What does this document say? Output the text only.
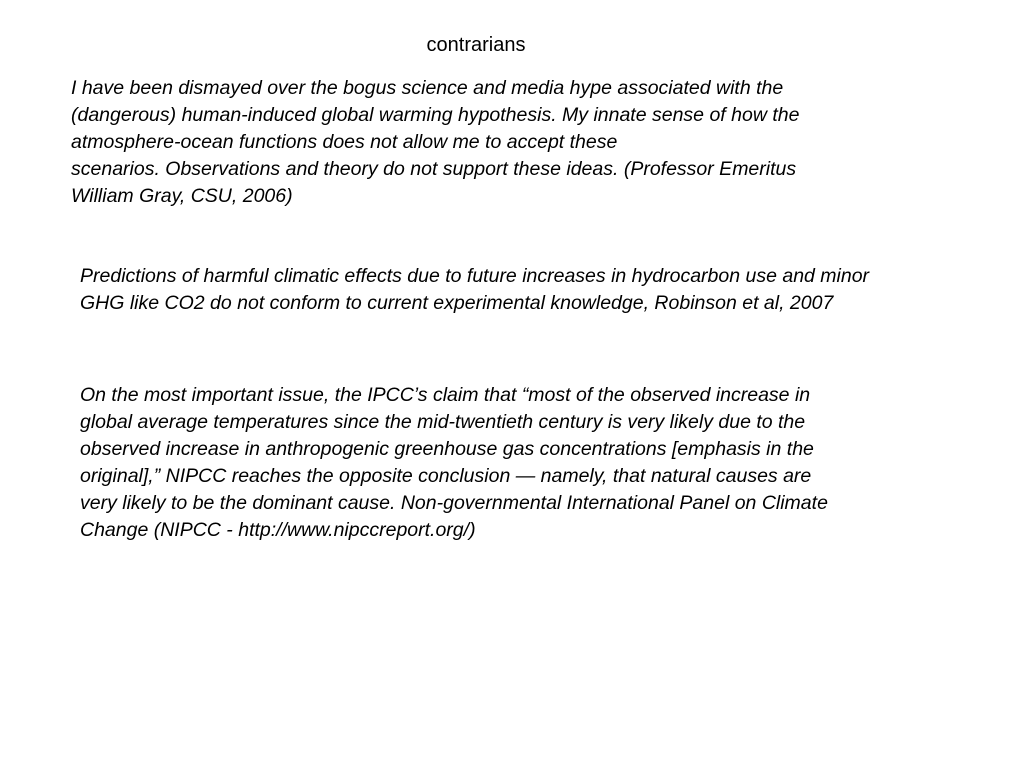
contrarians
I have been dismayed over the bogus science and media hype associated with the
(dangerous) human-induced global warming hypothesis. My innate sense of how the
atmosphere-ocean functions does not allow me to accept these
scenarios. Observations and theory do not support these ideas. (Professor Emeritus
William Gray, CSU, 2006)
Predictions of harmful climatic effects due to future increases in hydrocarbon use and minor
GHG like CO2 do not conform to current experimental knowledge, Robinson et al, 2007
On the most important issue, the IPCC’s claim that “most of the observed increase in
global average temperatures since the mid-twentieth century is very likely due to the
observed increase in anthropogenic greenhouse gas concentrations [emphasis in the
original],” NIPCC reaches the opposite conclusion — namely, that natural causes are
very likely to be the dominant cause. Non-governmental International Panel on Climate
Change (NIPCC - http://www.nipccreport.org/)
